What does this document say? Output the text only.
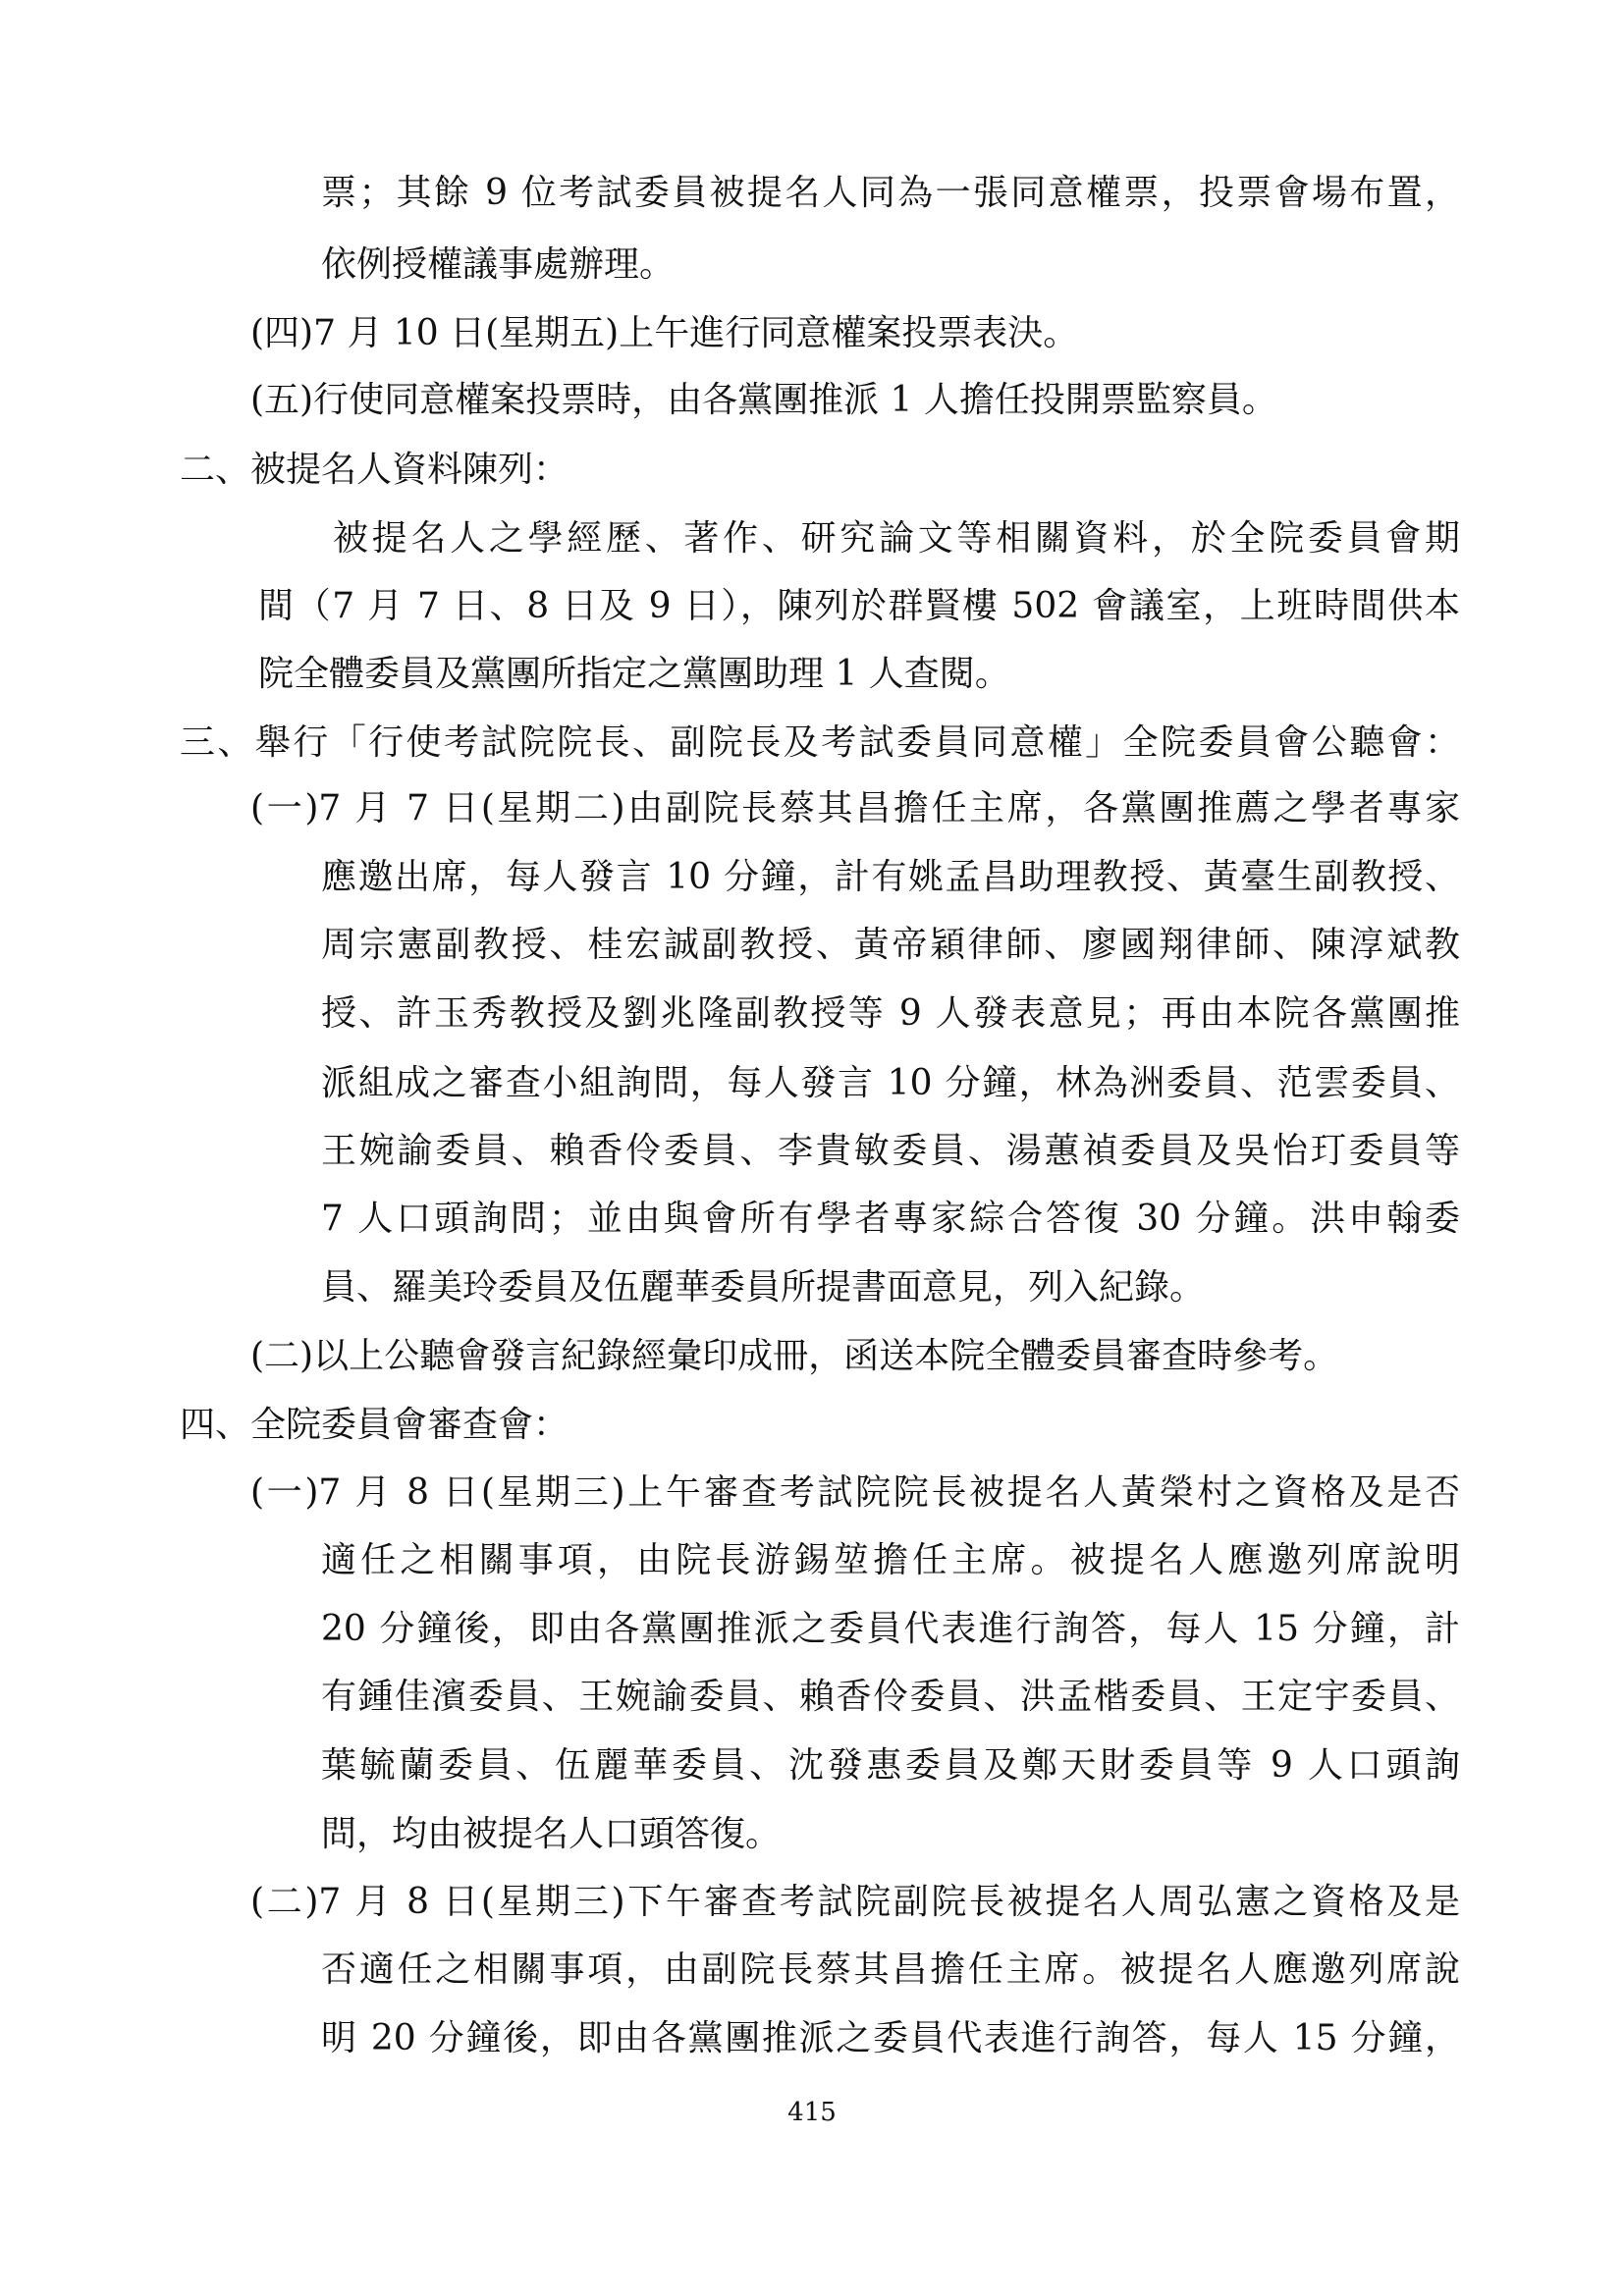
票；其餘 9 位考試委員被提名人同為一張同意權票，投票會場布置，

依例授權議事處辦理。

(四)7 月 10 日(星期五)上午進行同意權案投票表決。

(五)行使同意權案投票時，由各黨團推派 1 人擔任投開票監察員。

二、被提名人資料陳列：

被提名人之學經歷、著作、研究論文等相關資料，於全院委員會期

間（7 月 7 日、8 日及 9 日），陳列於群賢樓 502 會議室，上班時間供本

院全體委員及黨團所指定之黨團助理 1 人查閱。

三、舉行「行使考試院院長、副院長及考試委員同意權」全院委員會公聽會：

(一)7 月 7 日(星期二)由副院長蔡其昌擔任主席，各黨團推薦之學者專家

應邀出席，每人發言 10 分鐘，計有姚孟昌助理教授、黃臺生副教授、

周宗憲副教授、桂宏誠副教授、黃帝穎律師、廖國翔律師、陳淳斌教

授、許玉秀教授及劉兆隆副教授等 9 人發表意見；再由本院各黨團推

派組成之審查小組詢問，每人發言 10 分鐘，林為洲委員、范雲委員、

王婉諭委員、賴香伶委員、李貴敏委員、湯蕙禎委員及吳怡玎委員等

7 人口頭詢問；並由與會所有學者專家綜合答復 30 分鐘。洪申翰委

員、羅美玲委員及伍麗華委員所提書面意見，列入紀錄。

(二)以上公聽會發言紀錄經彙印成冊，函送本院全體委員審查時參考。

四、全院委員會審查會：

(一)7 月 8 日(星期三)上午審查考試院院長被提名人黃榮村之資格及是否

適任之相關事項，由院長游錫堃擔任主席。被提名人應邀列席說明

20 分鐘後，即由各黨團推派之委員代表進行詢答，每人 15 分鐘，計

有鍾佳濱委員、王婉諭委員、賴香伶委員、洪孟楷委員、王定宇委員、

葉毓蘭委員、伍麗華委員、沈發惠委員及鄭天財委員等 9 人口頭詢

問，均由被提名人口頭答復。

(二)7 月 8 日(星期三)下午審查考試院副院長被提名人周弘憲之資格及是

否適任之相關事項，由副院長蔡其昌擔任主席。被提名人應邀列席說

明 20 分鐘後，即由各黨團推派之委員代表進行詢答，每人 15 分鐘，

415
